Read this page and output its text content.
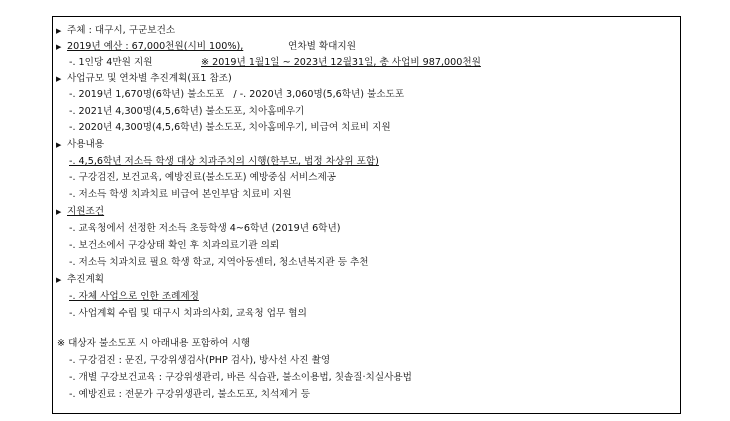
▶ 주체 : 대구시, 구군보건소
▶ 2019년 예산 : 67,000천원(시비 100%),	연차별 확대지원
-. 1인당 4만원 지원	※ 2019년 1월1일 ~ 2023년 12월31일, 총 사업비 987,000천원
▶ 사업규모 및 연차별 추진계획(표1 참조)
-. 2019년 1,670명(6학년) 불소도포   / -. 2020년 3,060명(5,6학년) 불소도포
-. 2021년 4,300명(4,5,6학년) 불소도포, 치아홈메우기
-. 2020년 4,300명(4,5,6학년) 불소도포, 치아홈메우기, 비급여 치료비 지원
▶ 사용내용
-. 4,5,6학년 저소득 학생 대상 치과주치의 시행(한부모, 법정 차상위 포함)
-. 구강검진, 보건교육, 예방진료(불소도포) 예방중심 서비스제공
-. 저소득 학생 치과치료 비급여 본인부담 치료비 지원
▶ 지원조건
-. 교육청에서 선정한 저소득 초등학생 4~6학년 (2019년 6학년)
-. 보건소에서 구강상태 확인 후 치과의료기관 의뢰
-. 저소득 치과치료 필요 학생 학교, 지역아동센터, 청소년복지관 등 추천
▶ 추진계획
-. 자체 사업으로 인한 조례제정
-. 사업계획 수립 및 대구시 치과의사회, 교육청 업무 협의
※ 대상자 불소도포 시 아래내용 포함하여 시행
-. 구강검진 : 문진, 구강위생검사(PHP 검사), 방사선 사진 촬영
-. 개별 구강보건교육 : 구강위생관리, 바른 식습관, 불소이용법, 칫솔질·치실사용법
-. 예방진료 : 전문가 구강위생관리, 불소도포, 치석제거 등
